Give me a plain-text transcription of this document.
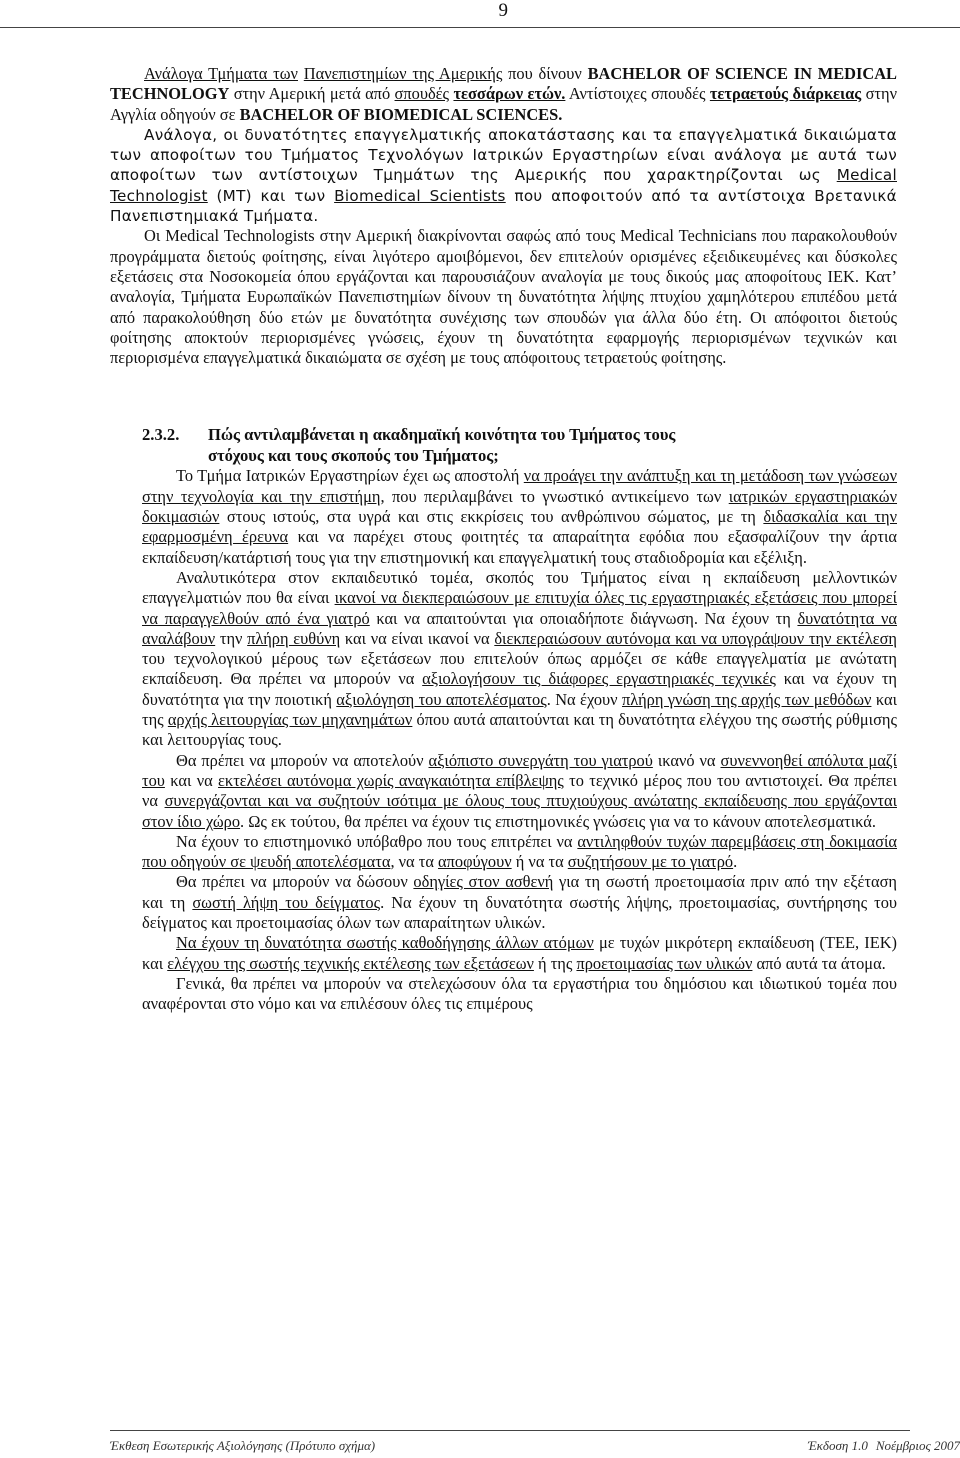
9

Ανάλογα Τμήματα των Πανεπιστημίων της Αμερικής που δίνουν BACHELOR OF SCIENCE IN MEDICAL TECHNOLOGY στην Αμερική μετά από σπουδές τεσσάρων ετών. Αντίστοιχες σπουδές τετραετούς διάρκειας στην Αγγλία οδηγούν σε BACHELOR OF BIOMEDICAL SCIENCES.

Ανάλογα, οι δυνατότητες επαγγελματικής αποκατάστασης και τα επαγγελματικά δικαιώματα των αποφοίτων του Τμήματος Τεχνολόγων Ιατρικών Εργαστηρίων είναι ανάλογα με αυτά των αποφοίτων των αντίστοιχων Τμημάτων της Αμερικής που χαρακτηρίζονται ως Medical Technologist (MT) και των Biomedical Scientists που αποφοιτούν από τα αντίστοιχα Βρετανικά Πανεπιστημιακά Τμήματα.

Οι Medical Technologists στην Αμερική διακρίνονται σαφώς από τους Medical Technicians που παρακολουθούν προγράμματα διετούς φοίτησης, είναι λιγότερο αμοιβόμενοι, δεν επιτελούν ορισμένες εξειδικευμένες και δύσκολες εξετάσεις στα Νοσοκομεία όπου εργάζονται και παρουσιάζουν αναλογία με τους δικούς μας αποφοίτους ΙΕΚ. Κατ’ αναλογία, Τμήματα Ευρωπαϊκών Πανεπιστημίων δίνουν τη δυνατότητα λήψης πτυχίου χαμηλότερου επιπέδου μετά από παρακολούθηση δύο ετών με δυνατότητα συνέχισης των σπουδών για άλλα δύο έτη. Οι απόφοιτοι διετούς φοίτησης αποκτούν περιορισμένες γνώσεις, έχουν τη δυνατότητα εφαρμογής περιορισμένων τεχνικών και περιορισμένα επαγγελματικά δικαιώματα σε σχέση με τους απόφοιτους τετραετούς φοίτησης.

2.3.2. Πώς αντιλαμβάνεται η ακαδημαϊκή κοινότητα του Τμήματος τους
στόχους και τους σκοπούς του Τμήματος;

Το Τμήμα Ιατρικών Εργαστηρίων έχει ως αποστολή να προάγει την ανάπτυξη και τη μετάδοση των γνώσεων στην τεχνολογία και την επιστήμη, που περιλαμβάνει το γνωστικό αντικείμενο των ιατρικών εργαστηριακών δοκιμασιών στους ιστούς, στα υγρά και στις εκκρίσεις του ανθρώπινου σώματος, με τη διδασκαλία και την εφαρμοσμένη έρευνα και να παρέχει στους φοιτητές τα απαραίτητα εφόδια που εξασφαλίζουν την άρτια εκπαίδευση/κατάρτισή τους για την επιστημονική και επαγγελματική τους σταδιοδρομία και εξέλιξη.

Αναλυτικότερα στον εκπαιδευτικό τομέα, σκοπός του Τμήματος είναι η εκπαίδευση μελλοντικών επαγγελματιών που θα είναι ικανοί να διεκπεραιώσουν με επιτυχία όλες τις εργαστηριακές εξετάσεις που μπορεί να παραγγελθούν από ένα γιατρό και να απαιτούνται για οποιαδήποτε διάγνωση. Να έχουν τη δυνατότητα να αναλάβουν την πλήρη ευθύνη και να είναι ικανοί να διεκπεραιώσουν αυτόνομα και να υπογράψουν την εκτέλεση του τεχνολογικού μέρους των εξετάσεων που επιτελούν όπως αρμόζει σε κάθε επαγγελματία με ανώτατη εκπαίδευση. Θα πρέπει να μπορούν να αξιολογήσουν τις διάφορες εργαστηριακές τεχνικές και να έχουν τη δυνατότητα για την ποιοτική αξιολόγηση του αποτελέσματος. Να έχουν πλήρη γνώση της αρχής των μεθόδων και της αρχής λειτουργίας των μηχανημάτων όπου αυτά απαιτούνται και τη δυνατότητα ελέγχου της σωστής ρύθμισης και λειτουργίας τους.

Θα πρέπει να μπορούν να αποτελούν αξιόπιστο συνεργάτη του γιατρού ικανό να συνεννοηθεί απόλυτα μαζί του και να εκτελέσει αυτόνομα χωρίς αναγκαιότητα επίβλεψης το τεχνικό μέρος που του αντιστοιχεί. Θα πρέπει να συνεργάζονται και να συζητούν ισότιμα με όλους τους πτυχιούχους ανώτατης εκπαίδευσης που εργάζονται στον ίδιο χώρο. Ως εκ τούτου, θα πρέπει να έχουν τις επιστημονικές γνώσεις για να το κάνουν αποτελεσματικά.

Να έχουν το επιστημονικό υπόβαθρο που τους επιτρέπει να αντιληφθούν τυχών παρεμβάσεις στη δοκιμασία που οδηγούν σε ψευδή αποτελέσματα, να τα αποφύγουν ή να τα συζητήσουν με το γιατρό.

Θα πρέπει να μπορούν να δώσουν οδηγίες στον ασθενή για τη σωστή προετοιμασία πριν από την εξέταση και τη σωστή λήψη του δείγματος. Να έχουν τη δυνατότητα σωστής λήψης, προετοιμασίας, συντήρησης του δείγματος και προετοιμασίας όλων των απαραίτητων υλικών.

Να έχουν τη δυνατότητα σωστής καθοδήγησης άλλων ατόμων με τυχών μικρότερη εκπαίδευση (ΤΕΕ, ΙΕΚ) και ελέγχου της σωστής τεχνικής εκτέλεσης των εξετάσεων ή της προετοιμασίας των υλικών από αυτά τα άτομα.

Γενικά, θα πρέπει να μπορούν να στελεχώσουν όλα τα εργαστήρια του δημόσιου και ιδιωτικού τομέα που αναφέρονται στο νόμο και να επιλέσουν όλες τις επιμέρους

Έκθεση Εσωτερικής Αξιολόγησης (Πρότυπο σχήμα)	Έκδοση 1.0 Νοέμβριος 2007
